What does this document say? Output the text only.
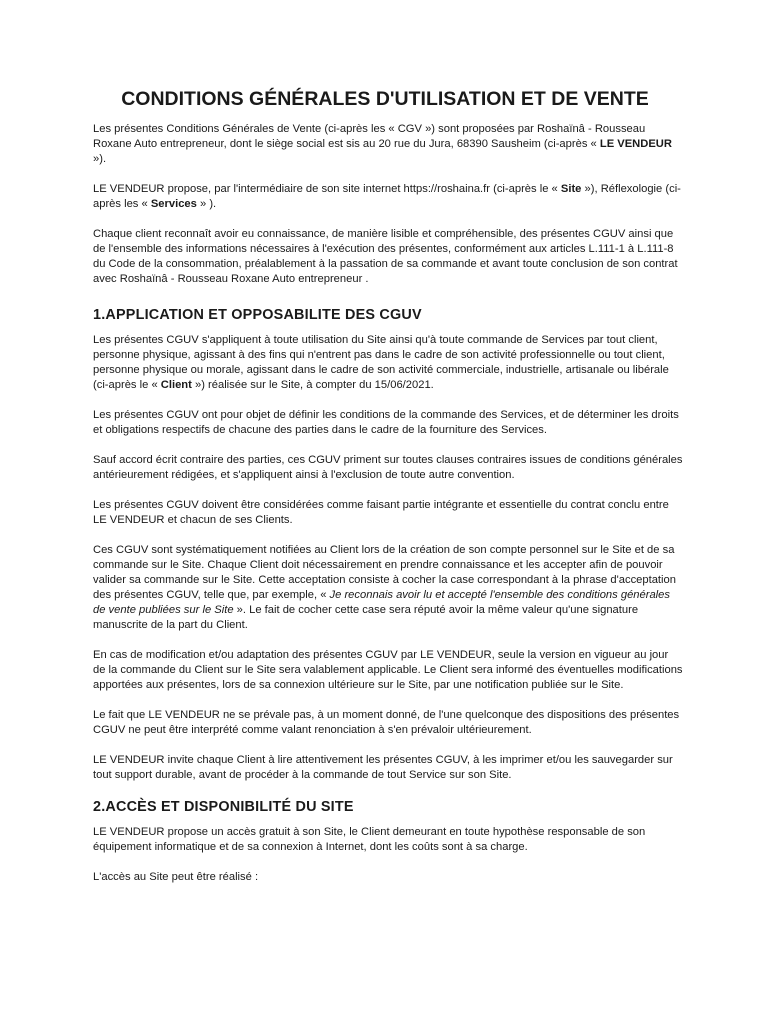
CONDITIONS GÉNÉRALES D'UTILISATION ET DE VENTE

Les présentes Conditions Générales de Vente (ci-après les « CGV ») sont proposées par Roshaïnâ - Rousseau Roxane Auto entrepreneur, dont le siège social est sis au 20 rue du Jura, 68390 Sausheim (ci-après « LE VENDEUR »).

LE VENDEUR propose, par l'intermédiaire de son site internet https://roshaina.fr (ci-après le « Site »), Réflexologie (ci-après les « Services » ).

Chaque client reconnaît avoir eu connaissance, de manière lisible et compréhensible, des présentes CGUV ainsi que de l'ensemble des informations nécessaires à l'exécution des présentes, conformément aux articles L.111-1 à L.111-8 du Code de la consommation, préalablement à la passation de sa commande et avant toute conclusion de son contrat avec Roshaïnâ - Rousseau Roxane Auto entrepreneur .

1.APPLICATION ET OPPOSABILITE DES CGUV

Les présentes CGUV s'appliquent à toute utilisation du Site ainsi qu'à toute commande de Services par tout client, personne physique, agissant à des fins qui n'entrent pas dans le cadre de son activité professionnelle ou tout client, personne physique ou morale, agissant dans le cadre de son activité commerciale, industrielle, artisanale ou libérale (ci-après le « Client ») réalisée sur le Site, à compter du 15/06/2021.

Les présentes CGUV ont pour objet de définir les conditions de la commande des Services, et de déterminer les droits et obligations respectifs de chacune des parties dans le cadre de la fourniture des Services.

Sauf accord écrit contraire des parties, ces CGUV priment sur toutes clauses contraires issues de conditions générales antérieurement rédigées, et s'appliquent ainsi à l'exclusion de toute autre convention.

Les présentes CGUV doivent être considérées comme faisant partie intégrante et essentielle du contrat conclu entre LE VENDEUR et chacun de ses Clients.

Ces CGUV sont systématiquement notifiées au Client lors de la création de son compte personnel sur le Site et de sa commande sur le Site. Chaque Client doit nécessairement en prendre connaissance et les accepter afin de pouvoir valider sa commande sur le Site. Cette acceptation consiste à cocher la case correspondant à la phrase d'acceptation des présentes CGUV, telle que, par exemple, « Je reconnais avoir lu et accepté l'ensemble des conditions générales de vente publiées sur le Site ». Le fait de cocher cette case sera réputé avoir la même valeur qu'une signature manuscrite de la part du Client.

En cas de modification et/ou adaptation des présentes CGUV par LE VENDEUR, seule la version en vigueur au jour de la commande du Client sur le Site sera valablement applicable. Le Client sera informé des éventuelles modifications apportées aux présentes, lors de sa connexion ultérieure sur le Site, par une notification publiée sur le Site.

Le fait que LE VENDEUR ne se prévale pas, à un moment donné, de l'une quelconque des dispositions des présentes CGUV ne peut être interprété comme valant renonciation à s'en prévaloir ultérieurement.

LE VENDEUR invite chaque Client à lire attentivement les présentes CGUV, à les imprimer et/ou les sauvegarder sur tout support durable, avant de procéder à la commande de tout Service sur son Site.

2.ACCÈS ET DISPONIBILITÉ DU SITE

LE VENDEUR propose un accès gratuit à son Site, le Client demeurant en toute hypothèse responsable de son équipement informatique et de sa connexion à Internet, dont les coûts sont à sa charge.

L'accès au Site peut être réalisé :
